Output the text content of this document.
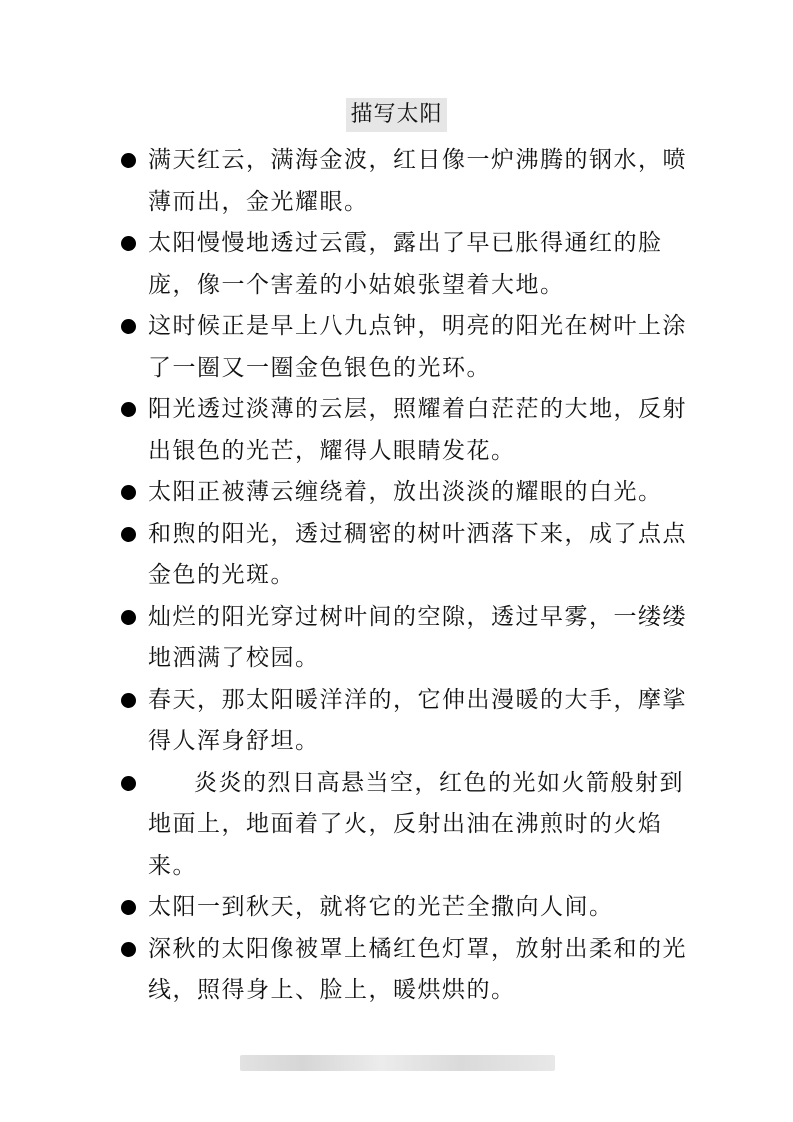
描写太阳
满天红云，满海金波，红日像一炉沸腾的钢水，喷薄而出，金光耀眼。
太阳慢慢地透过云霞，露出了早已胀得通红的脸庞，像一个害羞的小姑娘张望着大地。
这时候正是早上八九点钟，明亮的阳光在树叶上涂了一圈又一圈金色银色的光环。
阳光透过淡薄的云层，照耀着白茫茫的大地，反射出银色的光芒，耀得人眼睛发花。
太阳正被薄云缠绕着，放出淡淡的耀眼的白光。
和煦的阳光，透过稠密的树叶洒落下来，成了点点金色的光斑。
灿烂的阳光穿过树叶间的空隙，透过早雾，一缕缕地洒满了校园。
春天，那太阳暖洋洋的，它伸出漫暖的大手，摩挲得人浑身舒坦。
炎炎的烈日高悬当空，红色的光如火箭般射到地面上，地面着了火，反射出油在沸煎时的火焰来。
太阳一到秋天，就将它的光芒全撒向人间。
深秋的太阳像被罩上橘红色灯罩，放射出柔和的光线，照得身上、脸上，暖烘烘的。
